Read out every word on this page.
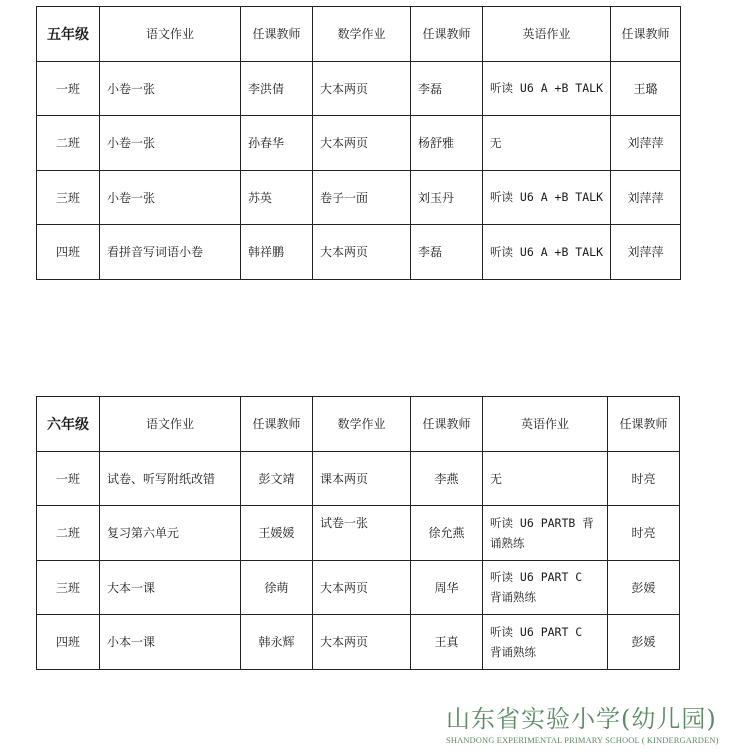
五年级	语文作业	任课教师	数学作业	任课教师	英语作业	任课教师
一班	小卷一张	李洪倩	大本两页	李磊	听读 U6 A +B TALK	王璐
二班	小卷一张	孙春华	大本两页	杨舒雅	无	刘萍萍
三班	小卷一张	苏英	卷子一面	刘玉丹	听读 U6 A +B TALK	刘萍萍
四班	看拼音写词语小卷	韩祥鹏	大本两页	李磊	听读 U6 A +B TALK	刘萍萍
六年级	语文作业	任课教师	数学作业	任课教师	英语作业	任课教师
一班	试卷、听写附纸改错	彭文靖	课本两页	李燕	无	时亮
二班	复习第六单元	王媛媛	试卷一张	徐允燕	听读 U6 PARTB 背诵熟练	时亮
三班	大本一课	徐萌	大本两页	周华	听读 U6 PART C 背诵熟练	彭媛
四班	小本一课	韩永辉	大本两页	王真	听读 U6 PART C 背诵熟练	彭媛
山东省实验小学(幼儿园)
SHANDONG EXPERIMENTAL PRIMARY SCHOOL ( KINDERGARDEN)
